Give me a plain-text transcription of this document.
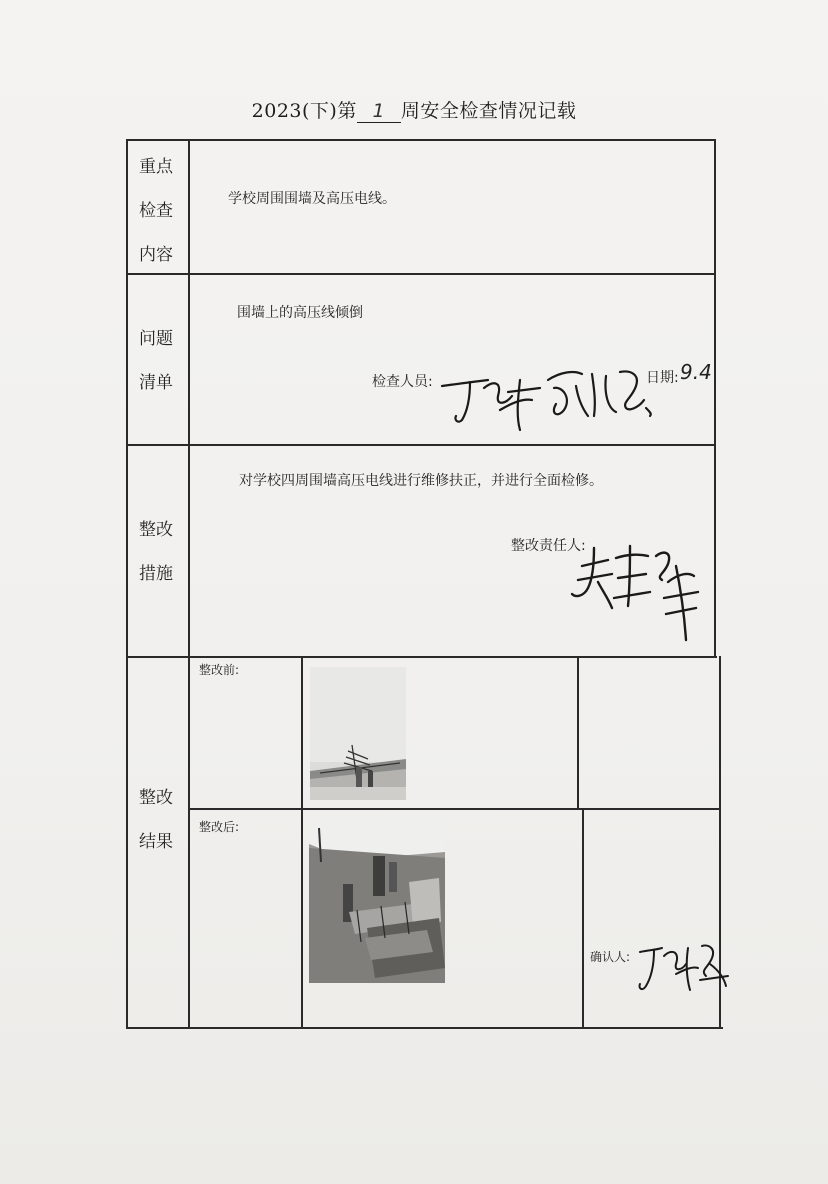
2023(下)第 1 周安全检查情况记载
重点
检查
内容
学校周围围墙及高压电线。
问题
清单
围墙上的高压线倾倒
检查人员:	日期: 9.4
整改
措施
对学校四周围墙高压电线进行维修扶正，并进行全面检修。
整改责任人:
整改
结果
整改前:
整改后:
确认人:
